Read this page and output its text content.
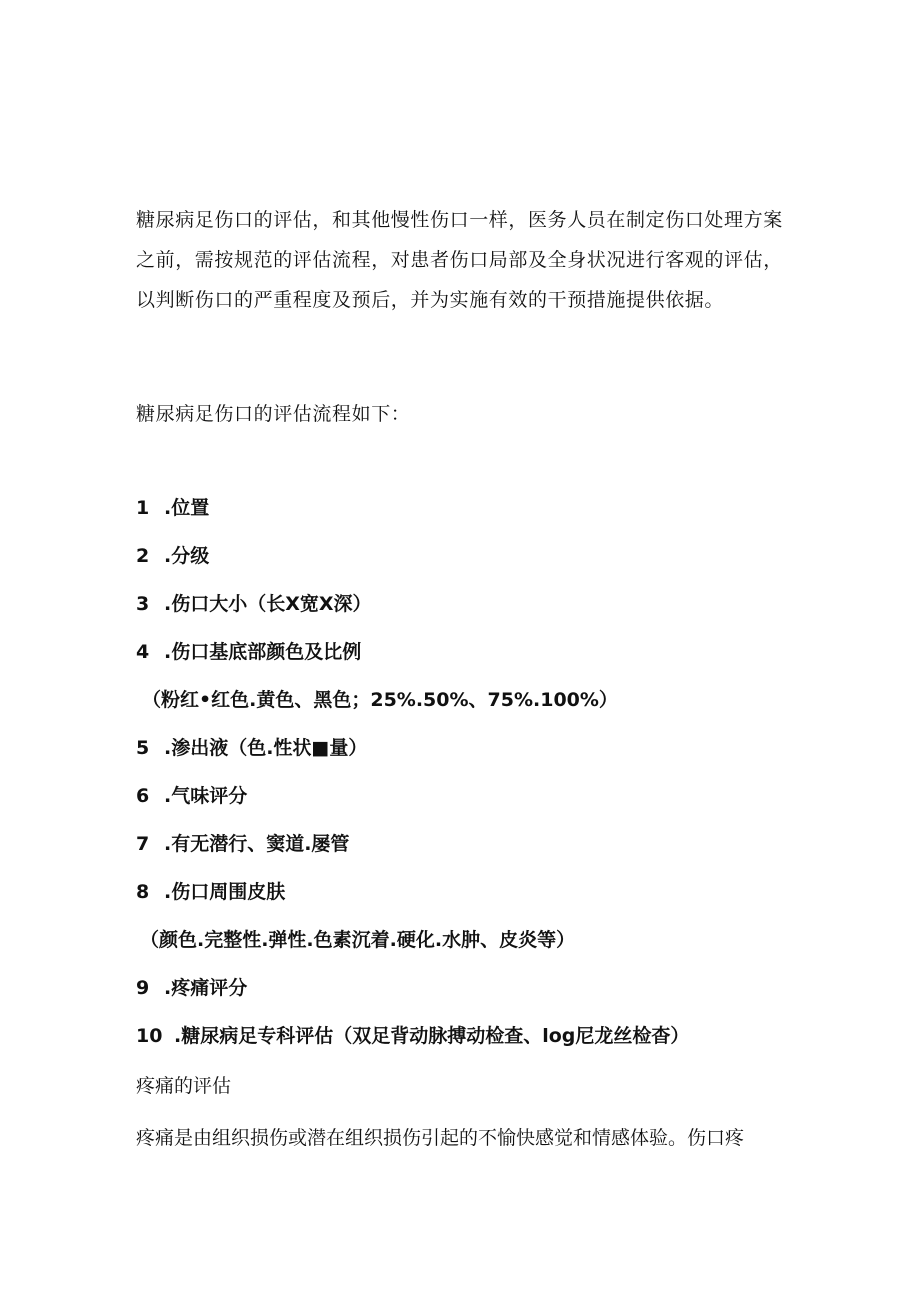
糖尿病足伤口的评估，和其他慢性伤口一样，医务人员在制定伤口处理方案之前，需按规范的评估流程，对患者伤口局部及全身状况进行客观的评估，以判断伤口的严重程度及预后，并为实施有效的干预措施提供依据。

糖尿病足伤口的评估流程如下：

1 .位置
2 .分级
3 .伤口大小（长X宽X深）
4 .伤口基底部颜色及比例
（粉红•红色.黄色、黑色；25%.50%、75%.100%）
5 .渗出液（色.性状■量）
6 .气味评分
7 .有无潜行、窦道.屡管
8 .伤口周围皮肤
（颜色.完整性.弹性.色素沉着.硬化.水肿、皮炎等）
9 .疼痛评分
10 .糖尿病足专科评估（双足背动脉搏动检查、log尼龙丝检杳）

疼痛的评估

疼痛是由组织损伤或潜在组织损伤引起的不愉快感觉和情感体验。伤口疼
